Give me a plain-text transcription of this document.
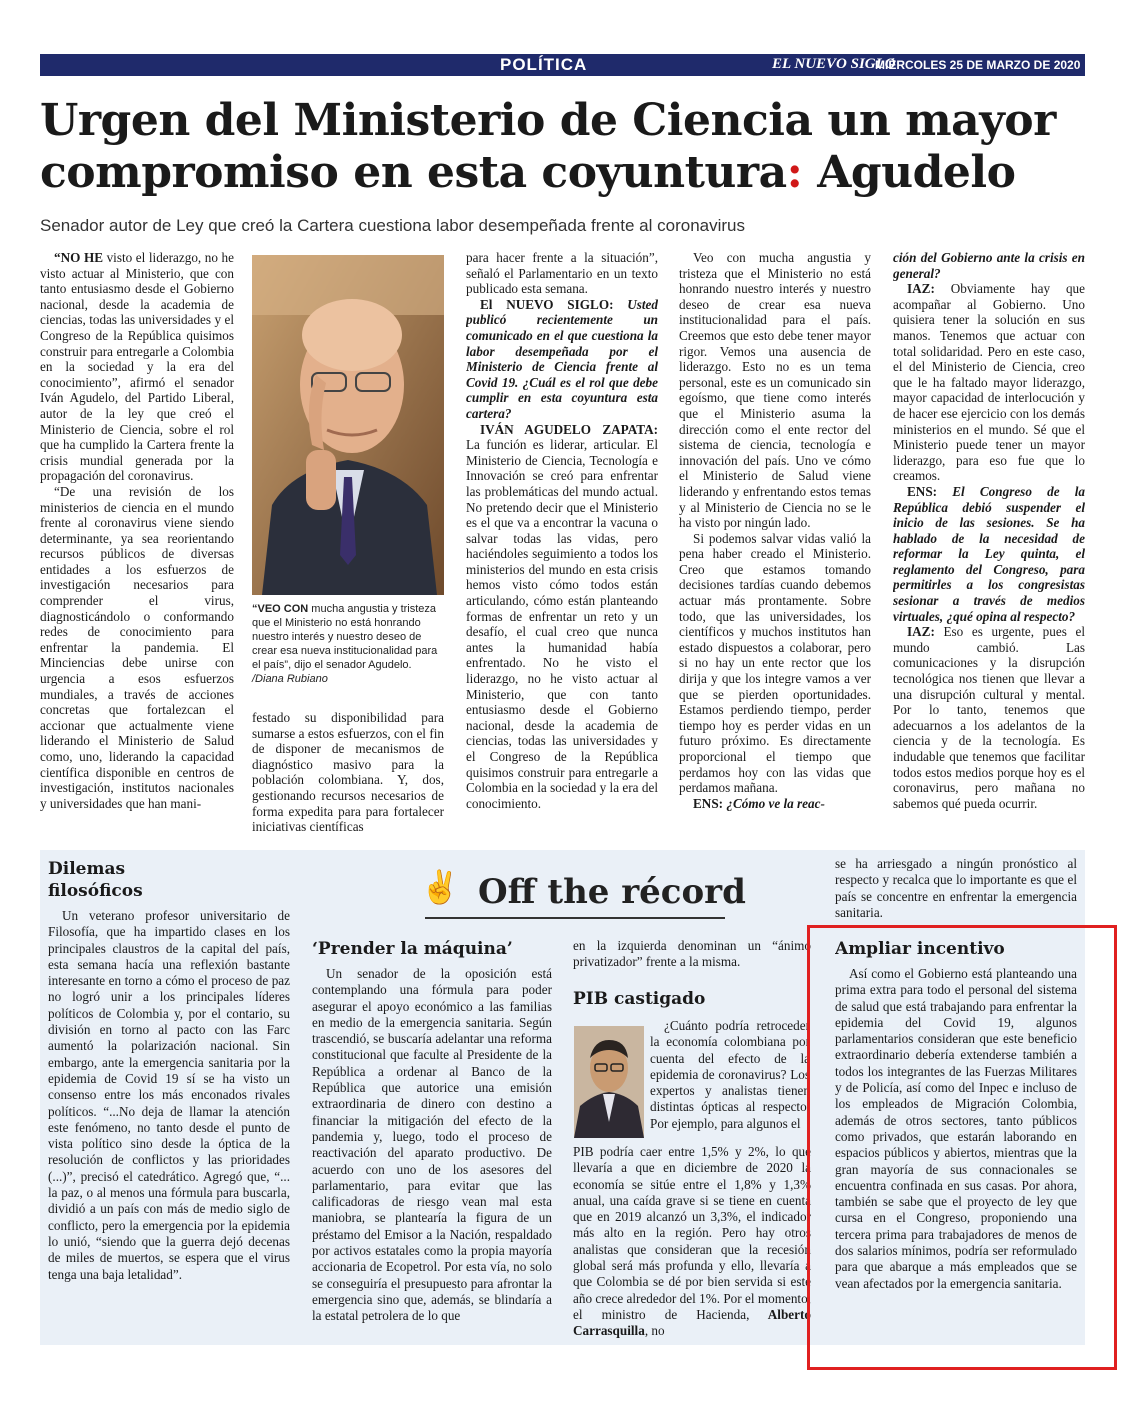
POLÍTICA	EL NUEVO SIGLO
MIÉRCOLES 25 DE MARZO DE 2020 13A
Urgen del Ministerio de Ciencia un mayor
compromiso en esta coyuntura: Agudelo
Senador autor de Ley que creó la Cartera cuestiona labor desempeñada frente al coronavirus

“NO HE visto el liderazgo, no he visto actuar al Ministerio, que con tanto entusiasmo desde el Gobierno nacional, desde la academia de ciencias, todas las universidades y el Congreso de la República quisimos construir para entregarle a Colombia en la sociedad y la era del conocimiento”, afirmó el senador Iván Agudelo, del Partido Liberal, autor de la ley que creó el Ministerio de Ciencia, sobre el rol que ha cumplido la Cartera frente la crisis mundial generada por la propagación del coronavirus.

“De una revisión de los ministerios de ciencia en el mundo frente al coronavirus viene siendo determinante, ya sea reorientando recursos públicos de diversas entidades a los esfuerzos de investigación necesarios para comprender el virus, diagnosticándolo o conformando redes de conocimiento para enfrentar la pandemia. El Minciencias debe unirse con urgencia a esos esfuerzos mundiales, a través de acciones concretas que fortalezcan el accionar que actualmente viene liderando el Ministerio de Salud como, uno, liderando la capacidad científica disponible en centros de investigación, institutos nacionales y universidades que han mani-

“VEO CON mucha angustia y tristeza que el Ministerio no está honrando nuestro interés y nuestro deseo de crear esa nueva institucionalidad para el país”, dijo el senador Agudelo. /Diana Rubiano

festado su disponibilidad para sumarse a estos esfuerzos, con el fin de disponer de mecanismos de diagnóstico masivo para la población colombiana. Y, dos, gestionando recursos necesarios de forma expedita para para fortalecer iniciativas científicas

para hacer frente a la situación”, señaló el Parlamentario en un texto publicado esta semana.

El NUEVO SIGLO: Usted publicó recientemente un comunicado en el que cuestiona la labor desempeñada por el Ministerio de Ciencia frente al Covid 19. ¿Cuál es el rol que debe cumplir en esta coyuntura esta cartera?

IVÁN AGUDELO ZAPATA: La función es liderar, articular. El Ministerio de Ciencia, Tecnología e Innovación se creó para enfrentar las problemáticas del mundo actual. No pretendo decir que el Ministerio es el que va a encontrar la vacuna o salvar todas las vidas, pero haciéndoles seguimiento a todos los ministerios del mundo en esta crisis hemos visto cómo todos están articulando, cómo están planteando formas de enfrentar un reto y un desafío, el cual creo que nunca antes la humanidad había enfrentado. No he visto el liderazgo, no he visto actuar al Ministerio, que con tanto entusiasmo desde el Gobierno nacional, desde la academia de ciencias, todas las universidades y el Congreso de la República quisimos construir para entregarle a Colombia en la sociedad y la era del conocimiento.

Veo con mucha angustia y tristeza que el Ministerio no está honrando nuestro interés y nuestro deseo de crear esa nueva institucionalidad para el país. Creemos que esto debe tener mayor rigor. Vemos una ausencia de liderazgo. Esto no es un tema personal, este es un comunicado sin egoísmo, que tiene como interés que el Ministerio asuma la dirección como el ente rector del sistema de ciencia, tecnología e innovación del país. Uno ve cómo el Ministerio de Salud viene liderando y enfrentando estos temas y al Ministerio de Ciencia no se le ha visto por ningún lado.

Si podemos salvar vidas valió la pena haber creado el Ministerio. Creo que estamos tomando decisiones tardías cuando debemos actuar más prontamente. Sobre todo, que las universidades, los científicos y muchos institutos han estado dispuestos a colaborar, pero si no hay un ente rector que los dirija y que los integre vamos a ver que se pierden oportunidades. Estamos perdiendo tiempo, perder tiempo hoy es perder vidas en un futuro próximo. Es directamente proporcional el tiempo que perdamos hoy con las vidas que perdamos mañana.

ENS: ¿Cómo ve la reac-

ción del Gobierno ante la crisis en general?

IAZ: Obviamente hay que acompañar al Gobierno. Uno quisiera tener la solución en sus manos. Tenemos que actuar con total solidaridad. Pero en este caso, el del Ministerio de Ciencia, creo que le ha faltado mayor liderazgo, mayor capacidad de interlocución y de hacer ese ejercicio con los demás ministerios en el mundo. Sé que el Ministerio puede tener un mayor liderazgo, para eso fue que lo creamos.

ENS: El Congreso de la República debió suspender el inicio de las sesiones. Se ha hablado de la necesidad de reformar la Ley quinta, el reglamento del Congreso, para permitirles a los congresistas sesionar a través de medios virtuales, ¿qué opina al respecto?

IAZ: Eso es urgente, pues el mundo cambió. Las comunicaciones y la disrupción tecnológica nos tienen que llevar a una disrupción cultural y mental. Por lo tanto, tenemos que adecuarnos a los adelantos de la ciencia y de la tecnología. Es indudable que tenemos que facilitar todos estos medios porque hoy es el coronavirus, pero mañana no sabemos qué pueda ocurrir.

✌ Off the récord
Dilemas filosóficos

Un veterano profesor universitario de Filosofía, que ha impartido clases en los principales claustros de la capital del país, esta semana hacía una reflexión bastante interesante en torno a cómo el proceso de paz no logró unir a los principales líderes políticos de Colombia y, por el contario, su división en torno al pacto con las Farc aumentó la polarización nacional. Sin embargo, ante la emergencia sanitaria por la epidemia de Covid 19 sí se ha visto un consenso entre los más enconados rivales políticos. “...No deja de llamar la atención este fenómeno, no tanto desde el punto de vista político sino desde la óptica de la resolución de conflictos y las prioridades (...)”, precisó el catedrático. Agregó que, “... la paz, o al menos una fórmula para buscarla, dividió a un país con más de medio siglo de conflicto, pero la emergencia por la epidemia lo unió, “siendo que la guerra dejó decenas de miles de muertos, se espera que el virus tenga una baja letalidad”.

‘Prender la máquina’

Un senador de la oposición está contemplando una fórmula para poder asegurar el apoyo económico a las familias en medio de la emergencia sanitaria. Según trascendió, se buscaría adelantar una reforma constitucional que faculte al Presidente de la República a ordenar al Banco de la República que autorice una emisión extraordinaria de dinero con destino a financiar la mitigación del efecto de la pandemia y, luego, todo el proceso de reactivación del aparato productivo. De acuerdo con uno de los asesores del parlamentario, para evitar que las calificadoras de riesgo vean mal esta maniobra, se plantearía la figura de un préstamo del Emisor a la Nación, respaldado por activos estatales como la propia mayoría accionaria de Ecopetrol. Por esta vía, no solo se conseguiría el presupuesto para afrontar la emergencia sino que, además, se blindaría a la estatal petrolera de lo que

en la izquierda denominan un “ánimo privatizador” frente a la misma.

PIB castigado

¿Cuánto podría retroceder la economía colombiana por cuenta del efecto de la epidemia de coronavirus? Los expertos y analistas tienen distintas ópticas al respecto. Por ejemplo, para algunos el

PIB podría caer entre 1,5% y 2%, lo que llevaría a que en diciembre de 2020 la economía se sitúe entre el 1,8% y 1,3% anual, una caída grave si se tiene en cuenta que en 2019 alcanzó un 3,3%, el indicador más alto en la región. Pero hay otros analistas que consideran que la recesión global será más profunda y ello, llevaría a que Colombia se dé por bien servida si este año crece alrededor del 1%. Por el momento, el ministro de Hacienda, Alberto Carrasquilla, no

se ha arriesgado a ningún pronóstico al respecto y recalca que lo importante es que el país se concentre en enfrentar la emergencia sanitaria.

Ampliar incentivo

Así como el Gobierno está planteando una prima extra para todo el personal del sistema de salud que está trabajando para enfrentar la epidemia del Covid 19, algunos parlamentarios consideran que este beneficio extraordinario debería extenderse también a todos los integrantes de las Fuerzas Militares y de Policía, así como del Inpec e incluso de los empleados de Migración Colombia, además de otros sectores, tanto públicos como privados, que estarán laborando en espacios públicos y abiertos, mientras que la gran mayoría de sus connacionales se encuentra confinada en sus casas. Por ahora, también se sabe que el proyecto de ley que cursa en el Congreso, proponiendo una tercera prima para trabajadores de menos de dos salarios mínimos, podría ser reformulado para que abarque a más empleados que se vean afectados por la emergencia sanitaria.
